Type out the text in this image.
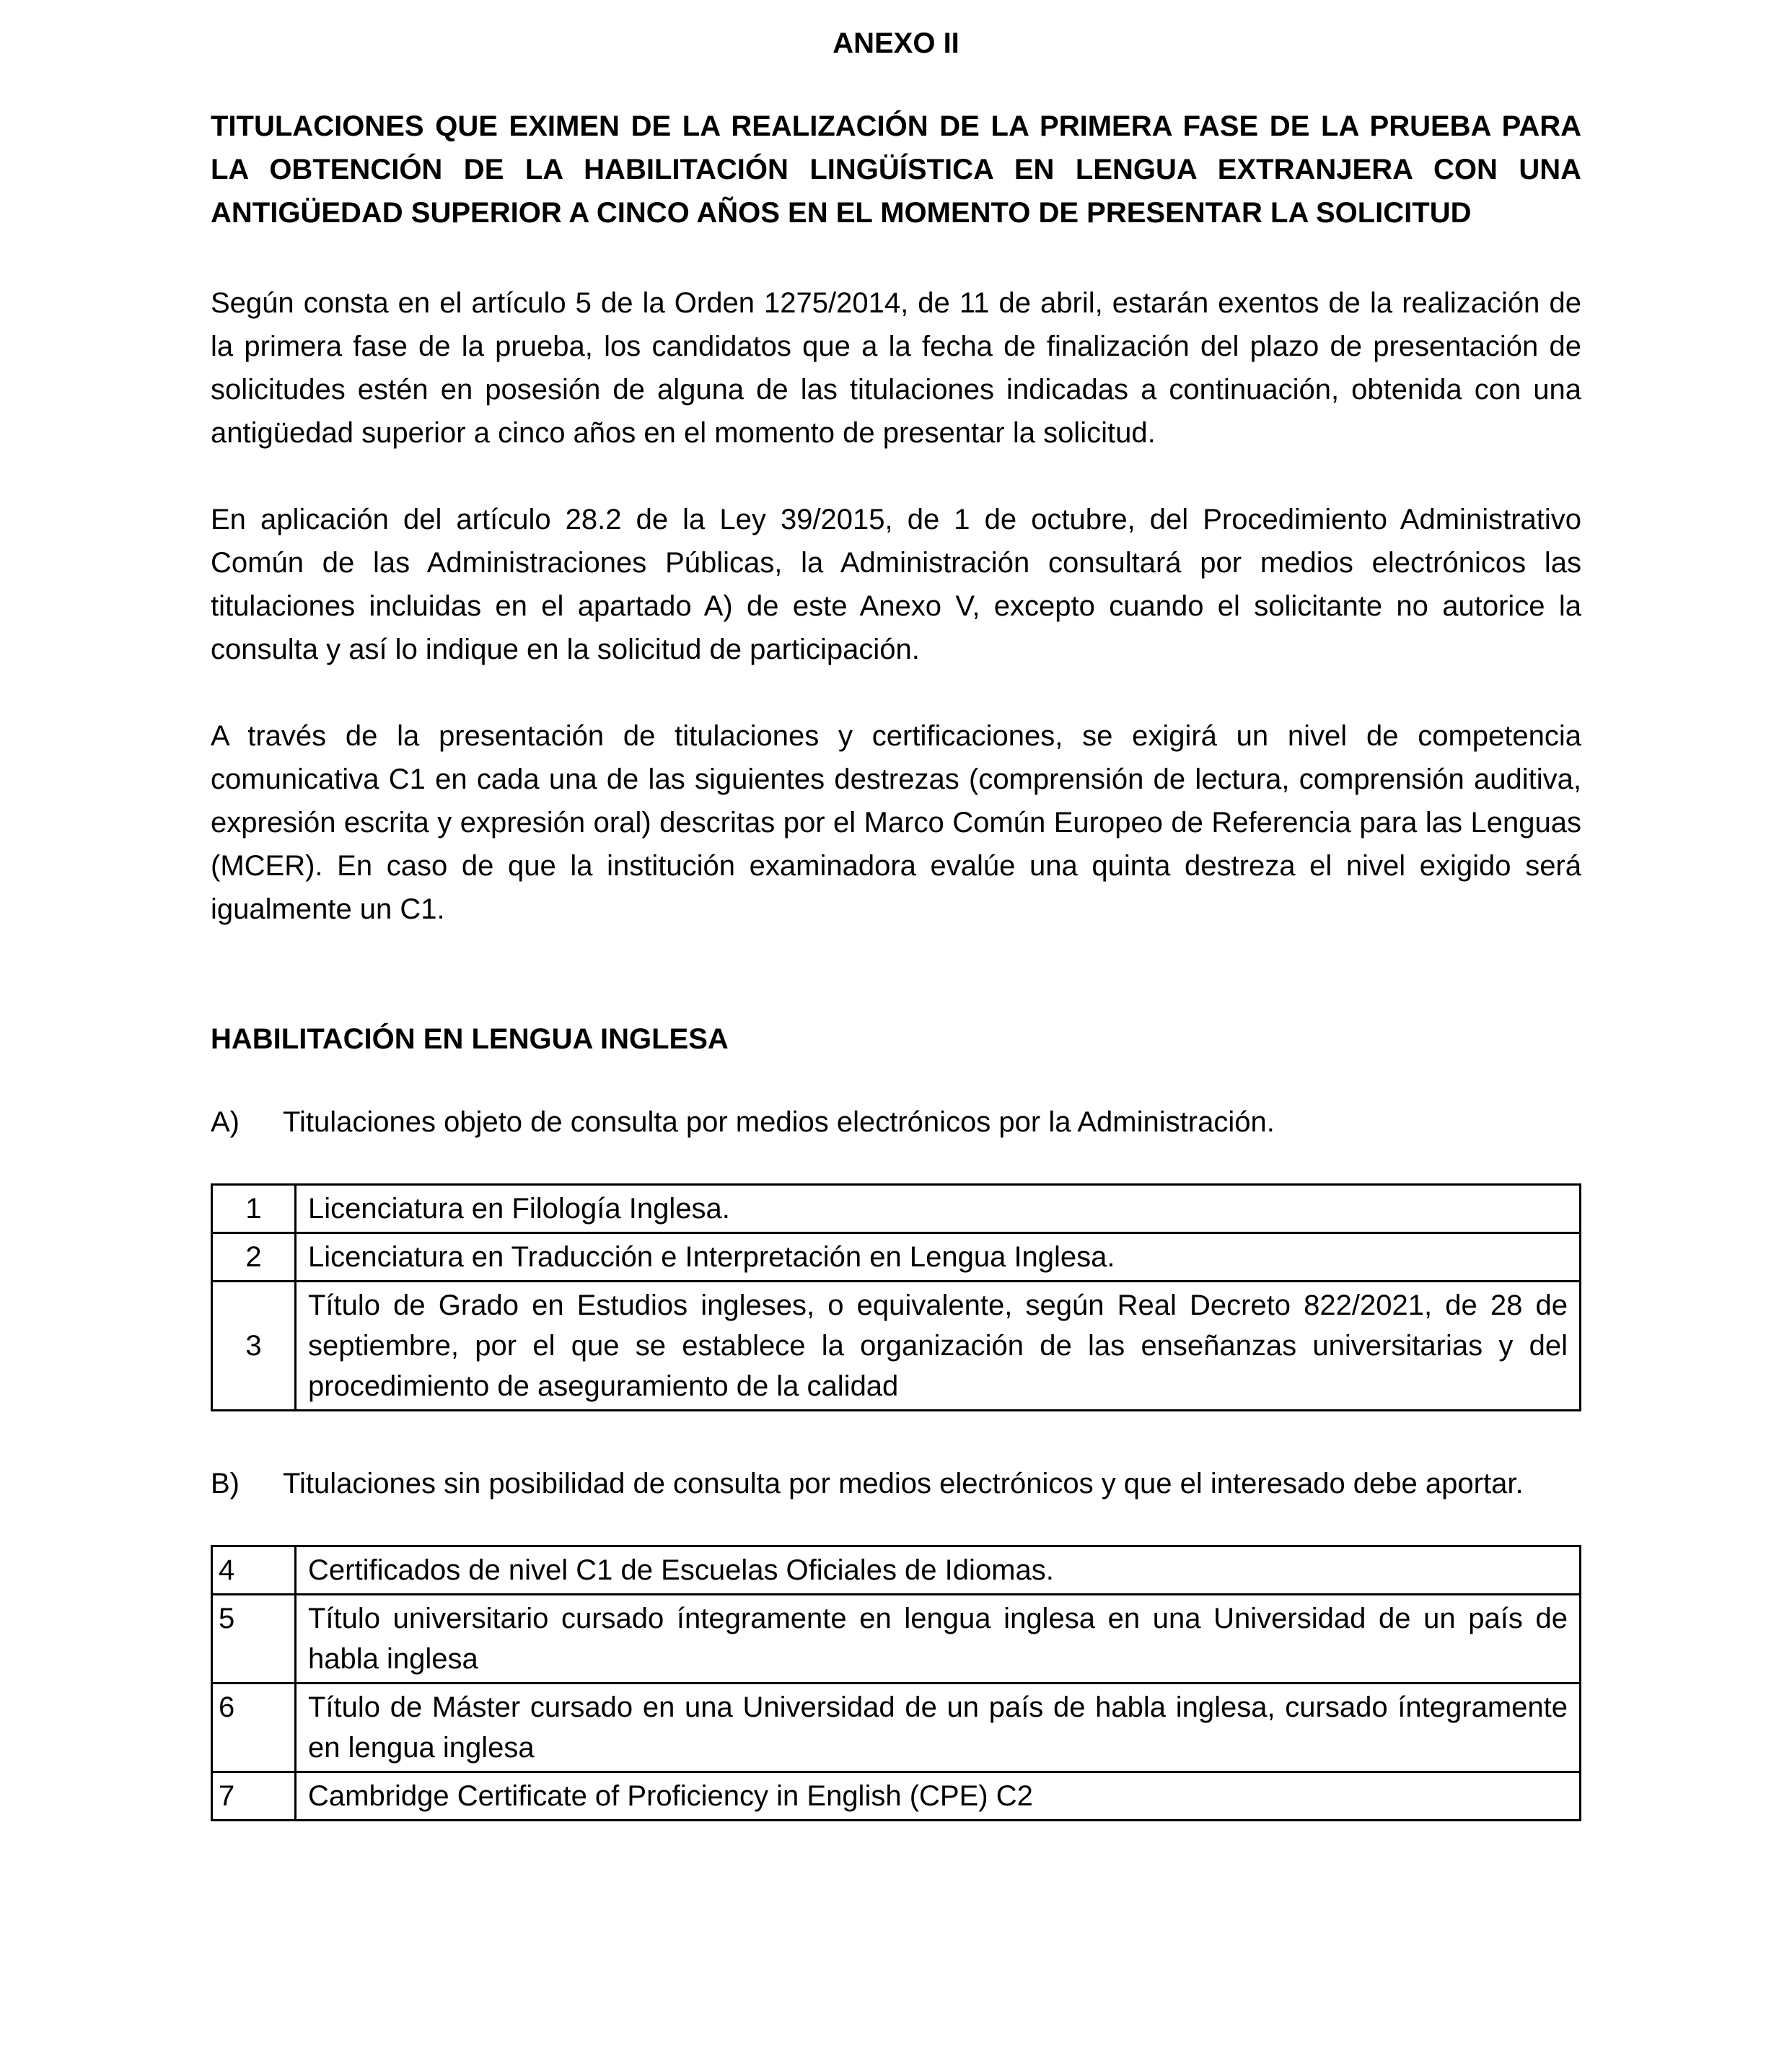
ANEXO II

TITULACIONES QUE EXIMEN DE LA REALIZACIÓN DE LA PRIMERA FASE DE LA PRUEBA PARA LA OBTENCIÓN DE LA HABILITACIÓN LINGÜÍSTICA EN LENGUA EXTRANJERA CON UNA ANTIGÜEDAD SUPERIOR A CINCO AÑOS EN EL MOMENTO DE PRESENTAR LA SOLICITUD

Según consta en el artículo 5 de la Orden 1275/2014, de 11 de abril, estarán exentos de la realización de la primera fase de la prueba, los candidatos que a la fecha de finalización del plazo de presentación de solicitudes estén en posesión de alguna de las titulaciones indicadas a continuación, obtenida con una antigüedad superior a cinco años en el momento de presentar la solicitud.

En aplicación del artículo 28.2 de la Ley 39/2015, de 1 de octubre, del Procedimiento Administrativo Común de las Administraciones Públicas, la Administración consultará por medios electrónicos las titulaciones incluidas en el apartado A) de este Anexo V, excepto cuando el solicitante no autorice la consulta y así lo indique en la solicitud de participación.

A través de la presentación de titulaciones y certificaciones, se exigirá un nivel de competencia comunicativa C1 en cada una de las siguientes destrezas (comprensión de lectura, comprensión auditiva, expresión escrita y expresión oral) descritas por el Marco Común Europeo de Referencia para las Lenguas (MCER). En caso de que la institución examinadora evalúe una quinta destreza el nivel exigido será igualmente un C1.

HABILITACIÓN EN LENGUA INGLESA

A)	Titulaciones objeto de consulta por medios electrónicos por la Administración.
1	Licenciatura en Filología Inglesa.
2	Licenciatura en Traducción e Interpretación en Lengua Inglesa.
3	Título de Grado en Estudios ingleses, o equivalente, según Real Decreto 822/2021, de 28 de septiembre, por el que se establece la organización de las enseñanzas universitarias y del procedimiento de aseguramiento de la calidad
B)	Titulaciones sin posibilidad de consulta por medios electrónicos y que el interesado debe aportar.
4	Certificados de nivel C1 de Escuelas Oficiales de Idiomas.
5	Título universitario cursado íntegramente en lengua inglesa en una Universidad de un país de habla inglesa
6	Título de Máster cursado en una Universidad de un país de habla inglesa, cursado íntegramente en lengua inglesa
7	Cambridge Certificate of Proficiency in English (CPE) C2
